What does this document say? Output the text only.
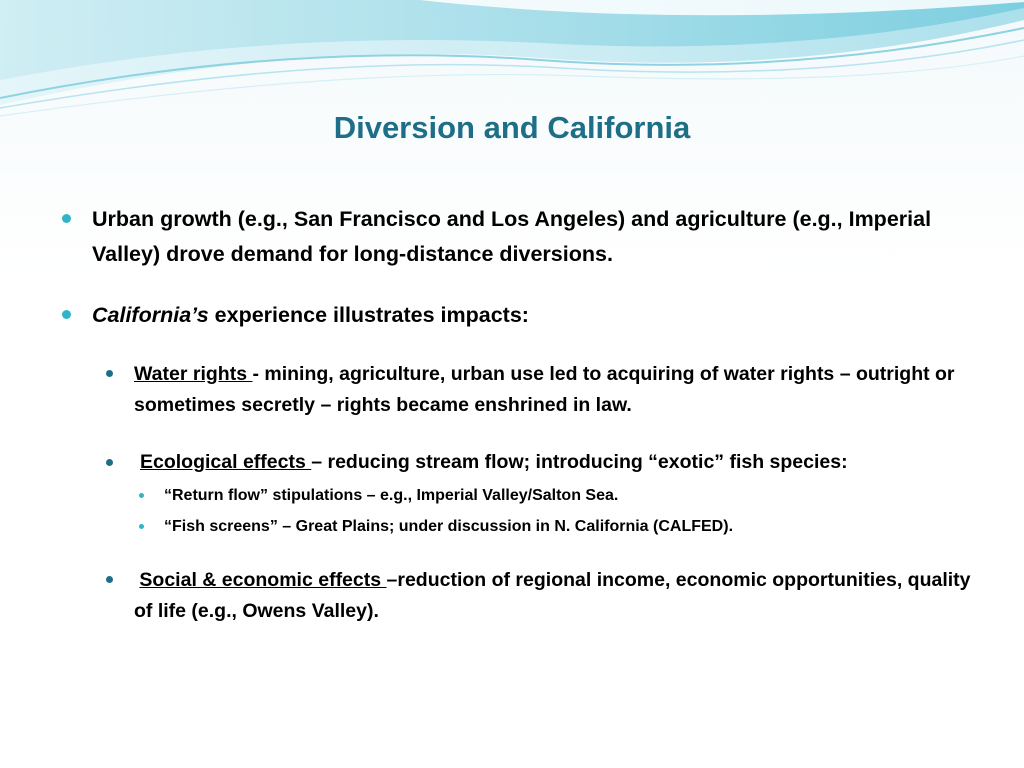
Diversion and California
Urban growth (e.g., San Francisco and Los Angeles) and agriculture (e.g., Imperial Valley) drove demand for long-distance diversions.
California’s experience illustrates impacts:
Water rights - mining, agriculture, urban use led to acquiring of water rights – outright or sometimes secretly – rights became enshrined in law.
Ecological effects – reducing stream flow; introducing “exotic” fish species:
“Return flow” stipulations – e.g., Imperial Valley/Salton Sea.
“Fish screens” – Great Plains; under discussion in N. California (CALFED).
Social & economic effects –reduction of regional income, economic opportunities, quality of life (e.g., Owens Valley).
